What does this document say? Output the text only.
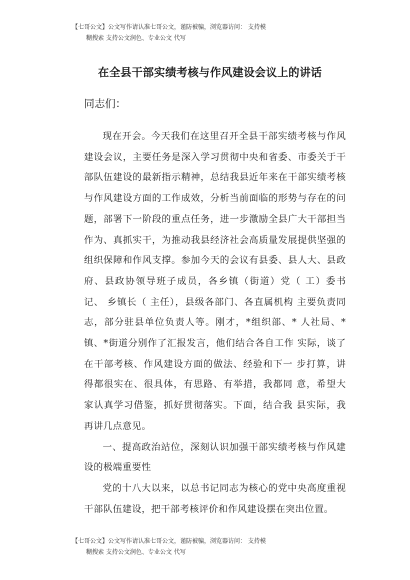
【七哥公文】公文写作请认准七哥公文，谨防被骗，浏览器访问： 支持模
糊搜索 支持公文润色、专业公文 代写
在全县干部实绩考核与作风建设会议上的讲话
同志们：

现在开会。今天我们在这里召开全县干部实绩考核与作风建设会议，主要任务是深入学习贯彻中央和省委、市委关于干部队伍建设的最新指示精神，总结我县近年来在干部实绩考核与作风建设方面的工作成效，分析当前面临的形势与存在的问题，部署下一阶段的重点任务，进一步激励全县广大干部担当作为、真抓实干，为推动我县经济社会高质量发展提供坚强的组织保障和作风支撑。参加今天的会议有县委、县人大、县政府、县政协领导班子成员，各乡镇（街道）党（ 工）委书记、 乡镇长（ 主任），县级各部门、各直属机构 主要负责同志，部分驻县单位负责人等。刚才，*组织部、* 人社局、*镇、*街道分别作了汇报发言，他们结合各自工作 实际，谈了在干部考核、作风建设方面的做法、经验和下一 步打算，讲得都很实在、很具体，有思路、有举措，我都同 意，希望大家认真学习借鉴，抓好贯彻落实。下面，结合我 县实际，我再讲几点意见。

一、提高政治站位，深刻认识加强干部实绩考核与作风建设的极端重要性

党的十八大以来，以总书记同志为核心的党中央高度重视干部队伍建设，把干部考核评价和作风建设摆在突出位置。

【七哥公文】公文写作请认准七哥公文，谨防被骗，浏览器访问： 支持模
糊搜索 支持公文润色、专业公文 代写
